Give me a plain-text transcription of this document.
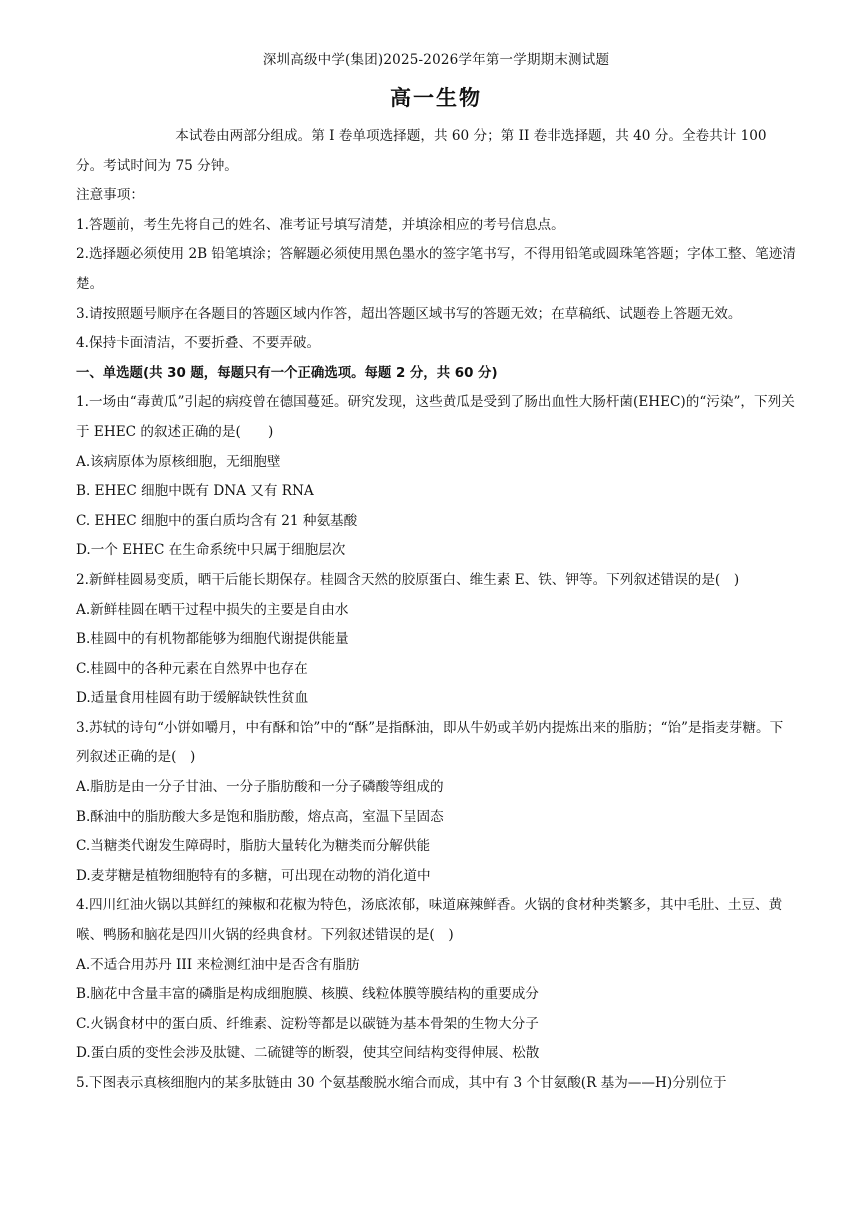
深圳高级中学(集团)2025-2026学年第一学期期末测试题
高一生物

本试卷由两部分组成。第 I 卷单项选择题，共 60 分；第 II 卷非选择题，共 40 分。全卷共计 100 分。考试时间为 75 分钟。

注意事项：

1.答题前，考生先将自己的姓名、准考证号填写清楚，并填涂相应的考号信息点。

2.选择题必须使用 2B 铅笔填涂；答解题必须使用黑色墨水的签字笔书写，不得用铅笔或圆珠笔答题；字体工整、笔迹清楚。

3.请按照题号顺序在各题目的答题区域内作答，超出答题区域书写的答题无效；在草稿纸、试题卷上答题无效。

4.保持卡面清洁，不要折叠、不要弄破。

一、单选题(共 30 题，每题只有一个正确选项。每题 2 分，共 60 分)

1.一场由“毒黄瓜”引起的病疫曾在德国蔓延。研究发现，这些黄瓜是受到了肠出血性大肠杆菌(EHEC)的“污染”，下列关于 EHEC 的叙述正确的是(　　)

A.该病原体为原核细胞，无细胞壁

B. EHEC 细胞中既有 DNA 又有 RNA

C. EHEC 细胞中的蛋白质均含有 21 种氨基酸

D.一个 EHEC 在生命系统中只属于细胞层次

2.新鲜桂圆易变质，晒干后能长期保存。桂圆含天然的胶原蛋白、维生素 E、铁、钾等。下列叙述错误的是(　)

A.新鲜桂圆在晒干过程中损失的主要是自由水

B.桂圆中的有机物都能够为细胞代谢提供能量

C.桂圆中的各种元素在自然界中也存在

D.适量食用桂圆有助于缓解缺铁性贫血

3.苏轼的诗句“小饼如嚼月，中有酥和饴”中的“酥”是指酥油，即从牛奶或羊奶内提炼出来的脂肪；“饴”是指麦芽糖。下列叙述正确的是(　)

A.脂肪是由一分子甘油、一分子脂肪酸和一分子磷酸等组成的

B.酥油中的脂肪酸大多是饱和脂肪酸，熔点高，室温下呈固态

C.当糖类代谢发生障碍时，脂肪大量转化为糖类而分解供能

D.麦芽糖是植物细胞特有的多糖，可出现在动物的消化道中

4.四川红油火锅以其鲜红的辣椒和花椒为特色，汤底浓郁，味道麻辣鲜香。火锅的食材种类繁多，其中毛肚、土豆、黄喉、鸭肠和脑花是四川火锅的经典食材。下列叙述错误的是(　)

A.不适合用苏丹 III 来检测红油中是否含有脂肪

B.脑花中含量丰富的磷脂是构成细胞膜、核膜、线粒体膜等膜结构的重要成分

C.火锅食材中的蛋白质、纤维素、淀粉等都是以碳链为基本骨架的生物大分子

D.蛋白质的变性会涉及肽键、二硫键等的断裂，使其空间结构变得伸展、松散

5.下图表示真核细胞内的某多肽链由 30 个氨基酸脱水缩合而成，其中有 3 个甘氨酸(R 基为——H)分别位于
